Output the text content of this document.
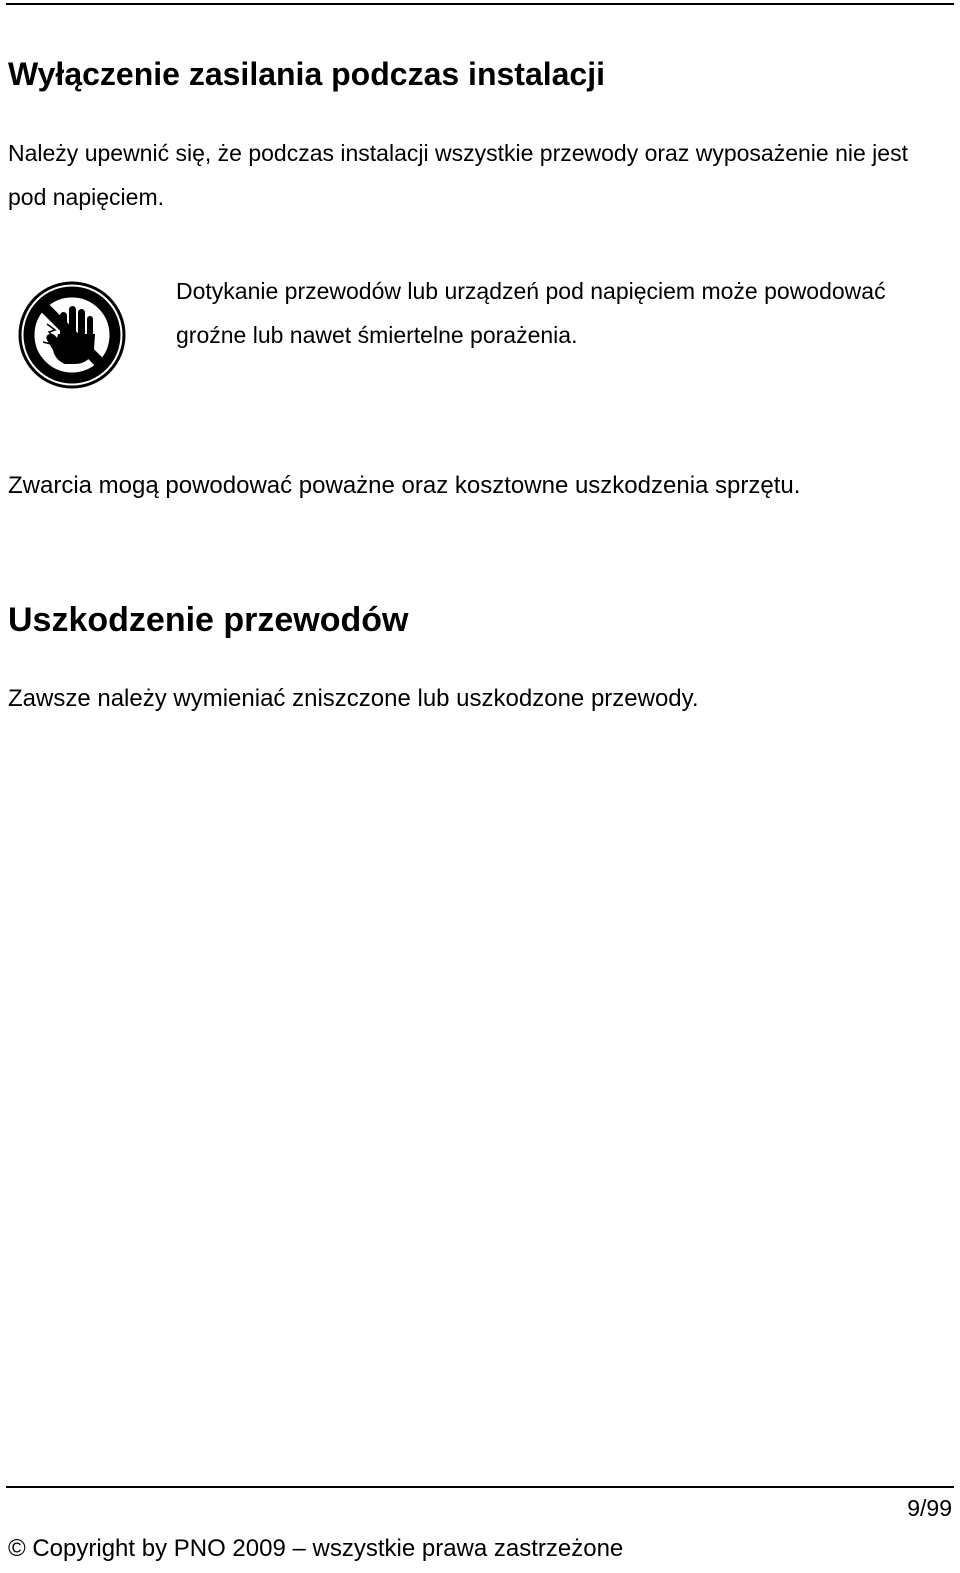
Wyłączenie zasilania podczas instalacji
Należy upewnić się, że podczas instalacji wszystkie przewody oraz wyposażenie nie jest
pod napięciem.
Dotykanie przewodów lub urządzeń pod napięciem może powodować
groźne lub nawet śmiertelne porażenia.

Zwarcia mogą powodować poważne oraz kosztowne uszkodzenia sprzętu.

Uszkodzenie przewodów

Zawsze należy wymieniać zniszczone lub uszkodzone przewody.

9/99
© Copyright by PNO 2009 – wszystkie prawa zastrzeżone
